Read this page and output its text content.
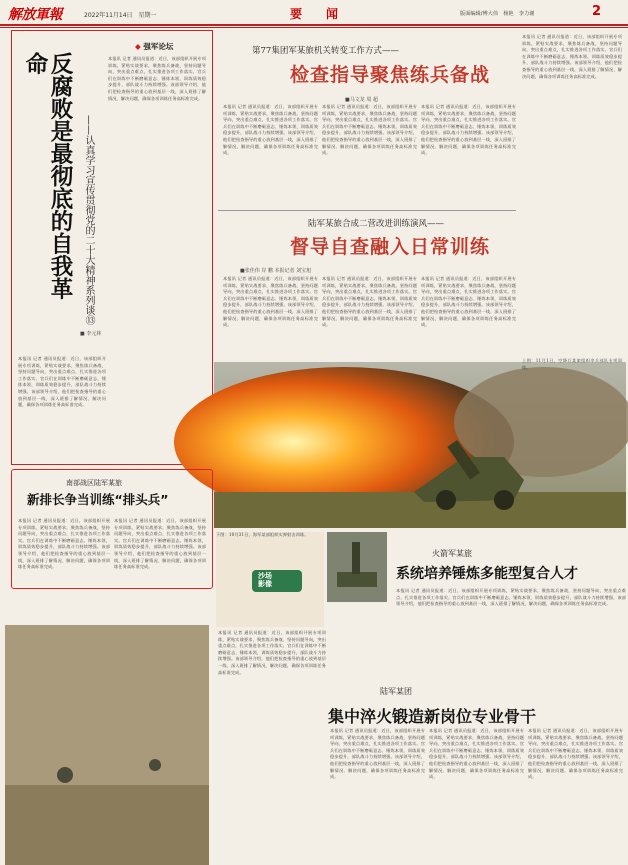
解放軍報	2022年11月14日　星期一	要　闻	版面编辑/傅大伟　杨艳　李力谢	2
◆ 强军论坛
反腐败是最彻底的自我革命
——认真学习宣传贯彻党的二十大精神系列谈⑬
■ 李元林
本报讯 记者 通讯员报道：近日，该部组织开展专项训练，紧贴实战要求，聚焦练兵备战，坚持问题导向，突出重点难点，扎实推进各项工作落实。官兵们在训练中不断磨砺意志、锤炼本领，训练质效稳步提升，部队战斗力持续增强。该部领导介绍，他们把检查指导的重心放到基层一线，深入班排了解情况、解决问题，确保各项训练任务高标准完成。
本报讯 记者 通讯员报道：近日，该部组织开展专项训练，紧贴实战要求，聚焦练兵备战，坚持问题导向，突出重点难点，扎实推进各项工作落实。官兵们在训练中不断磨砺意志、锤炼本领，训练质效稳步提升，部队战斗力持续增强。该部领导介绍，他们把检查指导的重心放到基层一线，深入班排了解情况、解决问题，确保各项训练任务高标准完成。
第77集团军某旅机关转变工作方式——
检查指导聚焦练兵备战
■马文龙 周 超
本报讯 记者 通讯员报道：近日，该部组织开展专项训练，紧贴实战要求，聚焦练兵备战，坚持问题导向，突出重点难点，扎实推进各项工作落实。官兵们在训练中不断磨砺意志、锤炼本领，训练质效稳步提升，部队战斗力持续增强。该部领导介绍，他们把检查指导的重心放到基层一线，深入班排了解情况、解决问题，确保各项训练任务高标准完成。
本报讯 记者 通讯员报道：近日，该部组织开展专项训练，紧贴实战要求，聚焦练兵备战，坚持问题导向，突出重点难点，扎实推进各项工作落实。官兵们在训练中不断磨砺意志、锤炼本领，训练质效稳步提升，部队战斗力持续增强。该部领导介绍，他们把检查指导的重心放到基层一线，深入班排了解情况、解决问题，确保各项训练任务高标准完成。
本报讯 记者 通讯员报道：近日，该部组织开展专项训练，紧贴实战要求，聚焦练兵备战，坚持问题导向，突出重点难点，扎实推进各项工作落实。官兵们在训练中不断磨砺意志、锤炼本领，训练质效稳步提升，部队战斗力持续增强。该部领导介绍，他们把检查指导的重心放到基层一线，深入班排了解情况、解决问题，确保各项训练任务高标准完成。
本报讯 记者 通讯员报道：近日，该部组织开展专项训练，紧贴实战要求，聚焦练兵备战，坚持问题导向，突出重点难点，扎实推进各项工作落实。官兵们在训练中不断磨砺意志、锤炼本领，训练质效稳步提升，部队战斗力持续增强。该部领导介绍，他们把检查指导的重心放到基层一线，深入班排了解情况、解决问题，确保各项训练任务高标准完成。
陆军某旅合成二营改进训练演风——
督导自查融入日常训练
■张佳伟 岸 鹏 本报记者 刘宝旭
本报讯 记者 通讯员报道：近日，该部组织开展专项训练，紧贴实战要求，聚焦练兵备战，坚持问题导向，突出重点难点，扎实推进各项工作落实。官兵们在训练中不断磨砺意志、锤炼本领，训练质效稳步提升，部队战斗力持续增强。该部领导介绍，他们把检查指导的重心放到基层一线，深入班排了解情况、解决问题，确保各项训练任务高标准完成。
本报讯 记者 通讯员报道：近日，该部组织开展专项训练，紧贴实战要求，聚焦练兵备战，坚持问题导向，突出重点难点，扎实推进各项工作落实。官兵们在训练中不断磨砺意志、锤炼本领，训练质效稳步提升，部队战斗力持续增强。该部领导介绍，他们把检查指导的重心放到基层一线，深入班排了解情况、解决问题，确保各项训练任务高标准完成。
本报讯 记者 通讯员报道：近日，该部组织开展专项训练，紧贴实战要求，聚焦练兵备战，坚持问题导向，突出重点难点，扎实推进各项工作落实。官兵们在训练中不断磨砺意志、锤炼本领，训练质效稳步提升，部队战斗力持续增强。该部领导介绍，他们把检查指导的重心放到基层一线，深入班排了解情况、解决问题，确保各项训练任务高标准完成。
上图：11月1日，空降兵某旅组织伞兵部队专项训练。
南部战区陆军某旅
新排长争当训练“排头兵”
本报讯 记者 通讯员报道：近日，该部组织开展专项训练，紧贴实战要求，聚焦练兵备战，坚持问题导向，突出重点难点，扎实推进各项工作落实。官兵们在训练中不断磨砺意志、锤炼本领，训练质效稳步提升，部队战斗力持续增强。该部领导介绍，他们把检查指导的重心放到基层一线，深入班排了解情况、解决问题，确保各项训练任务高标准完成。
本报讯 记者 通讯员报道：近日，该部组织开展专项训练，紧贴实战要求，聚焦练兵备战，坚持问题导向，突出重点难点，扎实推进各项工作落实。官兵们在训练中不断磨砺意志、锤炼本领，训练质效稳步提升，部队战斗力持续增强。该部领导介绍，他们把检查指导的重心放到基层一线，深入班排了解情况、解决问题，确保各项训练任务高标准完成。
下图：10月31日，海军某部组织实弹射击训练。
沙场
影像
火箭军某旅
系统培养锤炼多能型复合人才
本报讯 记者 通讯员报道：近日，该部组织开展专项训练，紧贴实战要求，聚焦练兵备战，坚持问题导向，突出重点难点，扎实推进各项工作落实。官兵们在训练中不断磨砺意志、锤炼本领，训练质效稳步提升，部队战斗力持续增强。该部领导介绍，他们把检查指导的重心放到基层一线，深入班排了解情况、解决问题，确保各项训练任务高标准完成。
陆军某团
集中淬火锻造新岗位专业骨干
本报讯 记者 通讯员报道：近日，该部组织开展专项训练，紧贴实战要求，聚焦练兵备战，坚持问题导向，突出重点难点，扎实推进各项工作落实。官兵们在训练中不断磨砺意志、锤炼本领，训练质效稳步提升，部队战斗力持续增强。该部领导介绍，他们把检查指导的重心放到基层一线，深入班排了解情况、解决问题，确保各项训练任务高标准完成。
本报讯 记者 通讯员报道：近日，该部组织开展专项训练，紧贴实战要求，聚焦练兵备战，坚持问题导向，突出重点难点，扎实推进各项工作落实。官兵们在训练中不断磨砺意志、锤炼本领，训练质效稳步提升，部队战斗力持续增强。该部领导介绍，他们把检查指导的重心放到基层一线，深入班排了解情况、解决问题，确保各项训练任务高标准完成。
本报讯 记者 通讯员报道：近日，该部组织开展专项训练，紧贴实战要求，聚焦练兵备战，坚持问题导向，突出重点难点，扎实推进各项工作落实。官兵们在训练中不断磨砺意志、锤炼本领，训练质效稳步提升，部队战斗力持续增强。该部领导介绍，他们把检查指导的重心放到基层一线，深入班排了解情况、解决问题，确保各项训练任务高标准完成。
本报讯 记者 通讯员报道：近日，该部组织开展专项训练，紧贴实战要求，聚焦练兵备战，坚持问题导向，突出重点难点，扎实推进各项工作落实。官兵们在训练中不断磨砺意志、锤炼本领，训练质效稳步提升，部队战斗力持续增强。该部领导介绍，他们把检查指导的重心放到基层一线，深入班排了解情况、解决问题，确保各项训练任务高标准完成。
